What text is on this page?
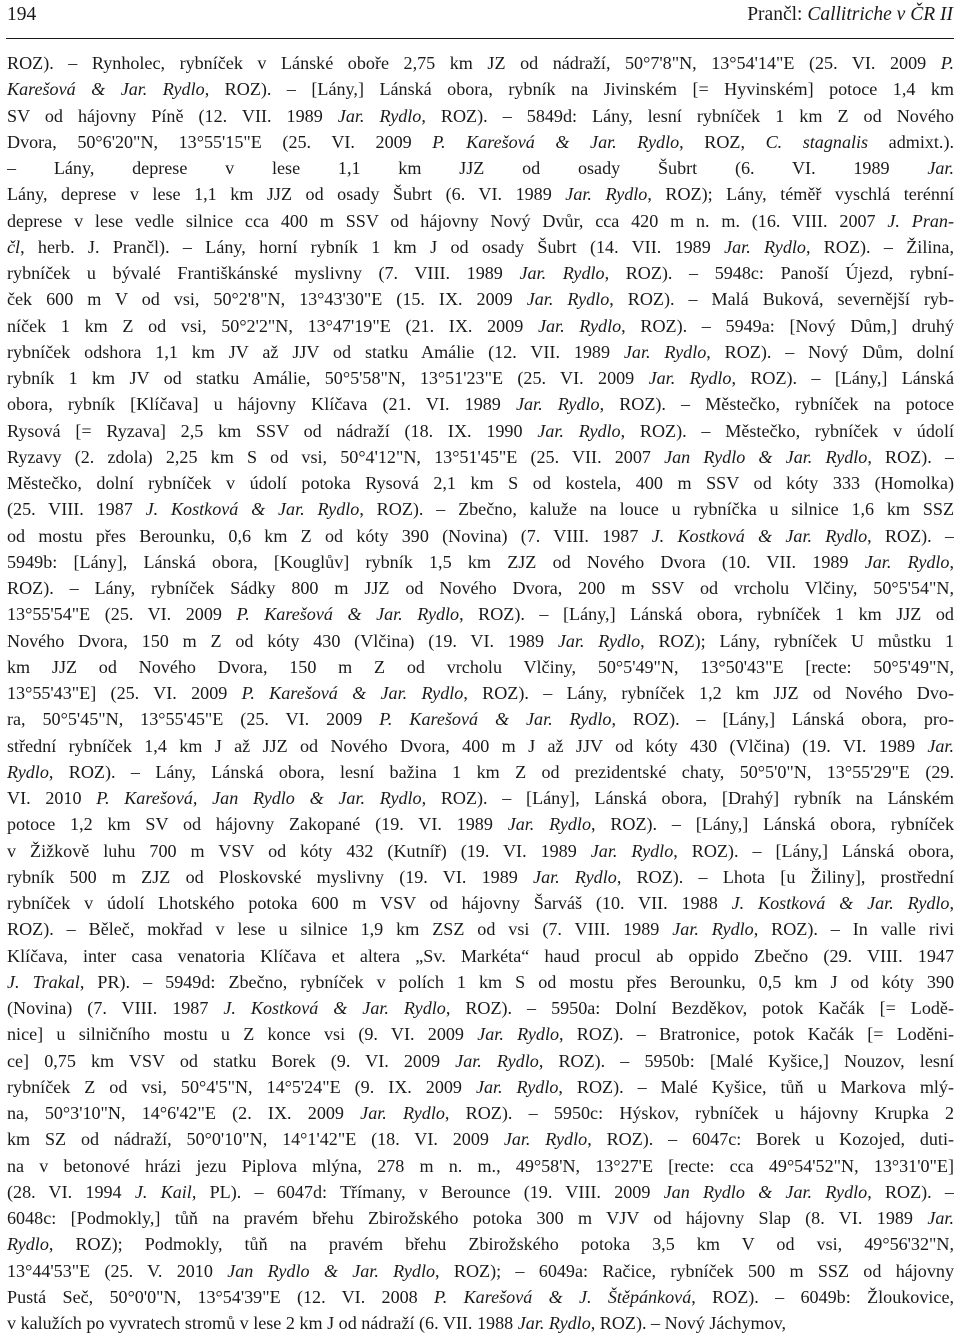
194	Prančl: Callitriche v ČR II
ROZ). – Rynholec, rybníček v Lánské oboře 2,75 km JZ od nádraží, 50°7'8"N, 13°54'14"E (25. VI. 2009 P.
Karešová & Jar. Rydlo, ROZ). – [Lány,] Lánská obora, rybník na Jivinském [= Hyvinském] potoce 1,4 km
SV od hájovny Píně (12. VII. 1989 Jar. Rydlo, ROZ). – 5849d: Lány, lesní rybníček 1 km Z od Nového
Dvora, 50°6'20"N, 13°55'15"E (25. VI. 2009 P. Karešová & Jar. Rydlo, ROZ, C. stagnalis admixt.).
– Lány, deprese v lese 1,1 km JJZ od osady Šubrt (6. VI. 1989 Jar.
Lány, deprese v lese 1,1 km JJZ od osady Šubrt (6. VI. 1989 Jar. Rydlo, ROZ); Lány, téměř vyschlá terénní
deprese v lese vedle silnice cca 400 m SSV od hájovny Nový Dvůr, cca 420 m n. m. (16. VIII. 2007 J. Pran-
čl, herb. J. Prančl). – Lány, horní rybník 1 km J od osady Šubrt (14. VII. 1989 Jar. Rydlo, ROZ). – Žilina,
rybníček u bývalé Františkánské myslivny (7. VIII. 1989 Jar. Rydlo, ROZ). – 5948c: Panoší Újezd, rybní-
ček 600 m V od vsi, 50°2'8"N, 13°43'30"E (15. IX. 2009 Jar. Rydlo, ROZ). – Malá Buková, severnější ryb-
níček 1 km Z od vsi, 50°2'2"N, 13°47'19"E (21. IX. 2009 Jar. Rydlo, ROZ). – 5949a: [Nový Dům,] druhý
rybníček odshora 1,1 km JV až JJV od statku Amálie (12. VII. 1989 Jar. Rydlo, ROZ). – Nový Dům, dolní
rybník 1 km JV od statku Amálie, 50°5'58"N, 13°51'23"E (25. VI. 2009 Jar. Rydlo, ROZ). – [Lány,] Lánská
obora, rybník [Klíčava] u hájovny Klíčava (21. VI. 1989 Jar. Rydlo, ROZ). – Městečko, rybníček na potoce
Rysová [= Ryzava] 2,5 km SSV od nádraží (18. IX. 1990 Jar. Rydlo, ROZ). – Městečko, rybníček v údolí
Ryzavy (2. zdola) 2,25 km S od vsi, 50°4'12"N, 13°51'45"E (25. VII. 2007 Jan Rydlo & Jar. Rydlo, ROZ). –
Městečko, dolní rybníček v údolí potoka Rysová 2,1 km S od kostela, 400 m SSV od kóty 333 (Homolka)
(25. VIII. 1987 J. Kostková & Jar. Rydlo, ROZ). – Zbečno, kaluže na louce u rybníčka u silnice 1,6 km SSZ
od mostu přes Berounku, 0,6 km Z od kóty 390 (Novina) (7. VIII. 1987 J. Kostková & Jar. Rydlo, ROZ). –
5949b: [Lány], Lánská obora, [Kouglův] rybník 1,5 km ZJZ od Nového Dvora (10. VII. 1989 Jar. Rydlo,
ROZ). – Lány, rybníček Sádky 800 m JJZ od Nového Dvora, 200 m SSV od vrcholu Vlčiny, 50°5'54"N,
13°55'54"E (25. VI. 2009 P. Karešová & Jar. Rydlo, ROZ). – [Lány,] Lánská obora, rybníček 1 km JJZ od
Nového Dvora, 150 m Z od kóty 430 (Vlčina) (19. VI. 1989 Jar. Rydlo, ROZ); Lány, rybníček U můstku 1
km JJZ od Nového Dvora, 150 m Z od vrcholu Vlčiny, 50°5'49"N, 13°50'43"E [recte: 50°5'49"N,
13°55'43"E] (25. VI. 2009 P. Karešová & Jar. Rydlo, ROZ). – Lány, rybníček 1,2 km JJZ od Nového Dvo-
ra, 50°5'45"N, 13°55'45"E (25. VI. 2009 P. Karešová & Jar. Rydlo, ROZ). – [Lány,] Lánská obora, pro-
střední rybníček 1,4 km J až JJZ od Nového Dvora, 400 m J až JJV od kóty 430 (Vlčina) (19. VI. 1989 Jar.
Rydlo, ROZ). – Lány, Lánská obora, lesní bažina 1 km Z od prezidentské chaty, 50°5'0"N, 13°55'29"E (29.
VI. 2010 P. Karešová, Jan Rydlo & Jar. Rydlo, ROZ). – [Lány], Lánská obora, [Drahý] rybník na Lánském
potoce 1,2 km SV od hájovny Zakopané (19. VI. 1989 Jar. Rydlo, ROZ). – [Lány,] Lánská obora, rybníček
v Žižkově luhu 700 m VSV od kóty 432 (Kutníř) (19. VI. 1989 Jar. Rydlo, ROZ). – [Lány,] Lánská obora,
rybník 500 m ZJZ od Ploskovské myslivny (19. VI. 1989 Jar. Rydlo, ROZ). – Lhota [u Žiliny], prostřední
rybníček v údolí Lhotského potoka 600 m VSV od hájovny Šarváš (10. VII. 1988 J. Kostková & Jar. Rydlo,
ROZ). – Běleč, mokřad v lese u silnice 1,9 km ZSZ od vsi (7. VIII. 1989 Jar. Rydlo, ROZ). – In valle rivi
Klíčava, inter casa venatoria Klíčava et altera „Sv. Markéta“ haud procul ab oppido Zbečno (29. VIII. 1947
J. Trakal, PR). – 5949d: Zbečno, rybníček v polích 1 km S od mostu přes Berounku, 0,5 km J od kóty 390
(Novina) (7. VIII. 1987 J. Kostková & Jar. Rydlo, ROZ). – 5950a: Dolní Bezděkov, potok Kačák [= Lodě-
nice] u silničního mostu u Z konce vsi (9. VI. 2009 Jar. Rydlo, ROZ). – Bratronice, potok Kačák [= Loděni-
ce] 0,75 km VSV od statku Borek (9. VI. 2009 Jar. Rydlo, ROZ). – 5950b: [Malé Kyšice,] Nouzov, lesní
rybníček Z od vsi, 50°4'5"N, 14°5'24"E (9. IX. 2009 Jar. Rydlo, ROZ). – Malé Kyšice, tůň u Markova mlý-
na, 50°3'10"N, 14°6'42"E (2. IX. 2009 Jar. Rydlo, ROZ). – 5950c: Hýskov, rybníček u hájovny Krupka 2
km SZ od nádraží, 50°0'10"N, 14°1'42"E (18. VI. 2009 Jar. Rydlo, ROZ). – 6047c: Borek u Kozojed, duti-
na v betonové hrázi jezu Piplova mlýna, 278 m n. m., 49°58'N, 13°27'E [recte: cca 49°54'52"N, 13°31'0"E]
(28. VI. 1994 J. Kail, PL). – 6047d: Třímany, v Berounce (19. VIII. 2009 Jan Rydlo & Jar. Rydlo, ROZ). –
6048c: [Podmokly,] tůň na pravém břehu Zbirožského potoka 300 m VJV od hájovny Slap (8. VI. 1989 Jar.
Rydlo, ROZ); Podmokly, tůň na pravém břehu Zbirožského potoka 3,5 km V od vsi, 49°56'32"N,
13°44'53"E (25. V. 2010 Jan Rydlo & Jar. Rydlo, ROZ); – 6049a: Račice, rybníček 500 m SSZ od hájovny
Pustá Seč, 50°0'0"N, 13°54'39"E (12. VI. 2008 P. Karešová & J. Štěpánková, ROZ). – 6049b: Žloukovice,
v kalužích po vyvratech stromů v lese 2 km J od nádraží (6. VII. 1988 Jar. Rydlo, ROZ). – Nový Jáchymov,
